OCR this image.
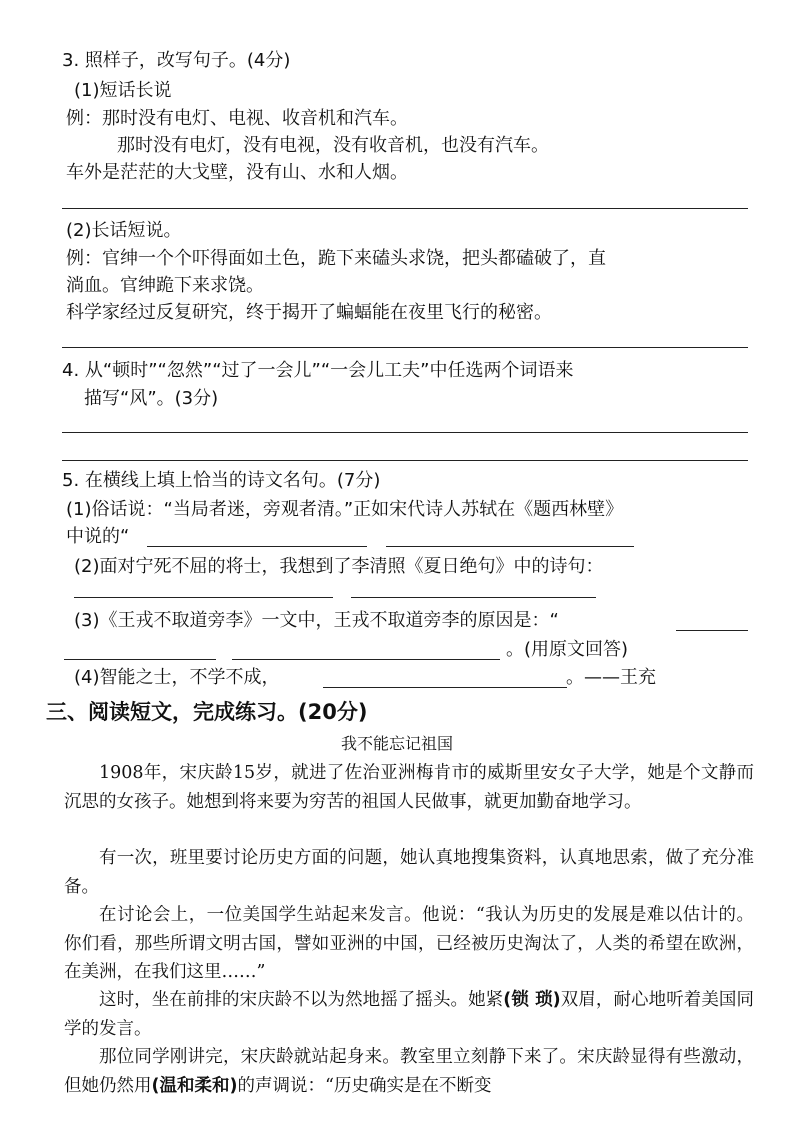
3. 照样子，改写句子。(4分)
(1)短话长说
例：那时没有电灯、电视、收音机和汽车。
那时没有电灯，没有电视，没有收音机，也没有汽车。
车外是茫茫的大戈壁，没有山、水和人烟。
(2)长话短说。
例：官绅一个个吓得面如土色，跪下来磕头求饶，把头都磕破了，直
淌血。官绅跪下来求饶。
科学家经过反复研究，终于揭开了蝙蝠能在夜里飞行的秘密。
4. 从“顿时”“忽然”“过了一会儿”“一会儿工夫”中任选两个词语来
描写“风”。(3分)
5. 在横线上填上恰当的诗文名句。(7分)
(1)俗话说：“当局者迷，旁观者清。”正如宋代诗人苏轼在《题西林壁》
中说的“
(2)面对宁死不屈的将士，我想到了李清照《夏日绝句》中的诗句：
(3)《王戎不取道旁李》一文中，王戎不取道旁李的原因是：“
。(用原文回答)
(4)智能之士，不学不成，	。——王充
三、阅读短文，完成练习。(20分)
我不能忘记祖国
1908年，宋庆龄15岁，就进了佐治亚洲梅肯市的威斯里安女子大学，她是个文静而沉思的女孩子。她想到将来要为穷苦的祖国人民做事，就更加勤奋地学习。
有一次，班里要讨论历史方面的问题，她认真地搜集资料，认真地思索，做了充分准备。
在讨论会上，一位美国学生站起来发言。他说：“我认为历史的发展是难以估计的。你们看，那些所谓文明古国，譬如亚洲的中国，已经被历史淘汰了，人类的希望在欧洲，在美洲，在我们这里……”
这时，坐在前排的宋庆龄不以为然地摇了摇头。她紧(锁 琐)双眉，耐心地听着美国同学的发言。
那位同学刚讲完，宋庆龄就站起身来。教室里立刻静下来了。宋庆龄显得有些激动，但她仍然用(温和柔和)的声调说：“历史确实是在不断变
